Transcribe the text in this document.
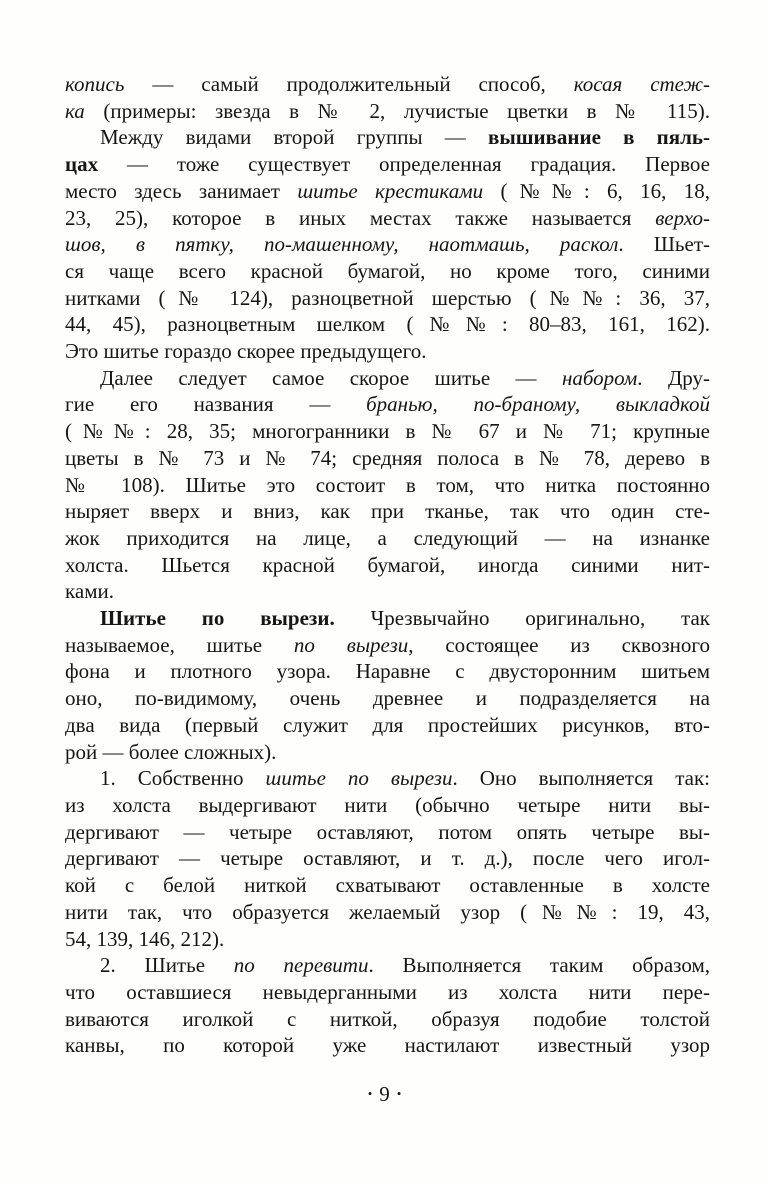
копись — самый продолжительный способ, косая стеж-
ка (примеры: звезда в № 2, лучистые цветки в № 115).
Между видами второй группы — вышивание в пяль-
цах — тоже существует определенная градация. Первое
место здесь занимает шитье крестиками (№№: 6, 16, 18,
23, 25), которое в иных местах также называется верхо-
шов, в пятку, по-машенному, наотмашь, раскол. Шьет-
ся чаще всего красной бумагой, но кроме того, синими
нитками (№ 124), разноцветной шерстью (№№: 36, 37,
44, 45), разноцветным шелком (№№: 80–83, 161, 162).
Это шитье гораздо скорее предыдущего.
Далее следует самое скорое шитье — набором. Дру-
гие его названия — бранью, по-браному, выкладкой
(№№: 28, 35; многогранники в № 67 и № 71; крупные
цветы в № 73 и № 74; средняя полоса в № 78, дерево в
№ 108). Шитье это состоит в том, что нитка постоянно
ныряет вверх и вниз, как при тканье, так что один сте-
жок приходится на лице, а следующий — на изнанке
холста. Шьется красной бумагой, иногда синими нит-
ками.
Шитье по вырези. Чрезвычайно оригинально, так
называемое, шитье по вырези, состоящее из сквозного
фона и плотного узора. Наравне с двусторонним шитьем
оно, по-видимому, очень древнее и подразделяется на
два вида (первый служит для простейших рисунков, вто-
рой — более сложных).
1. Собственно шитье по вырези. Оно выполняется так:
из холста выдергивают нити (обычно четыре нити вы-
дергивают — четыре оставляют, потом опять четыре вы-
дергивают — четыре оставляют, и т. д.), после чего игол-
кой с белой ниткой схватывают оставленные в холсте
нити так, что образуется желаемый узор (№№: 19, 43,
54, 139, 146, 212).
2. Шитье по перевити. Выполняется таким образом,
что оставшиеся невыдерганными из холста нити пере-
виваются иголкой с ниткой, образуя подобие толстой
канвы, по которой уже настилают известный узор
• 9 •
